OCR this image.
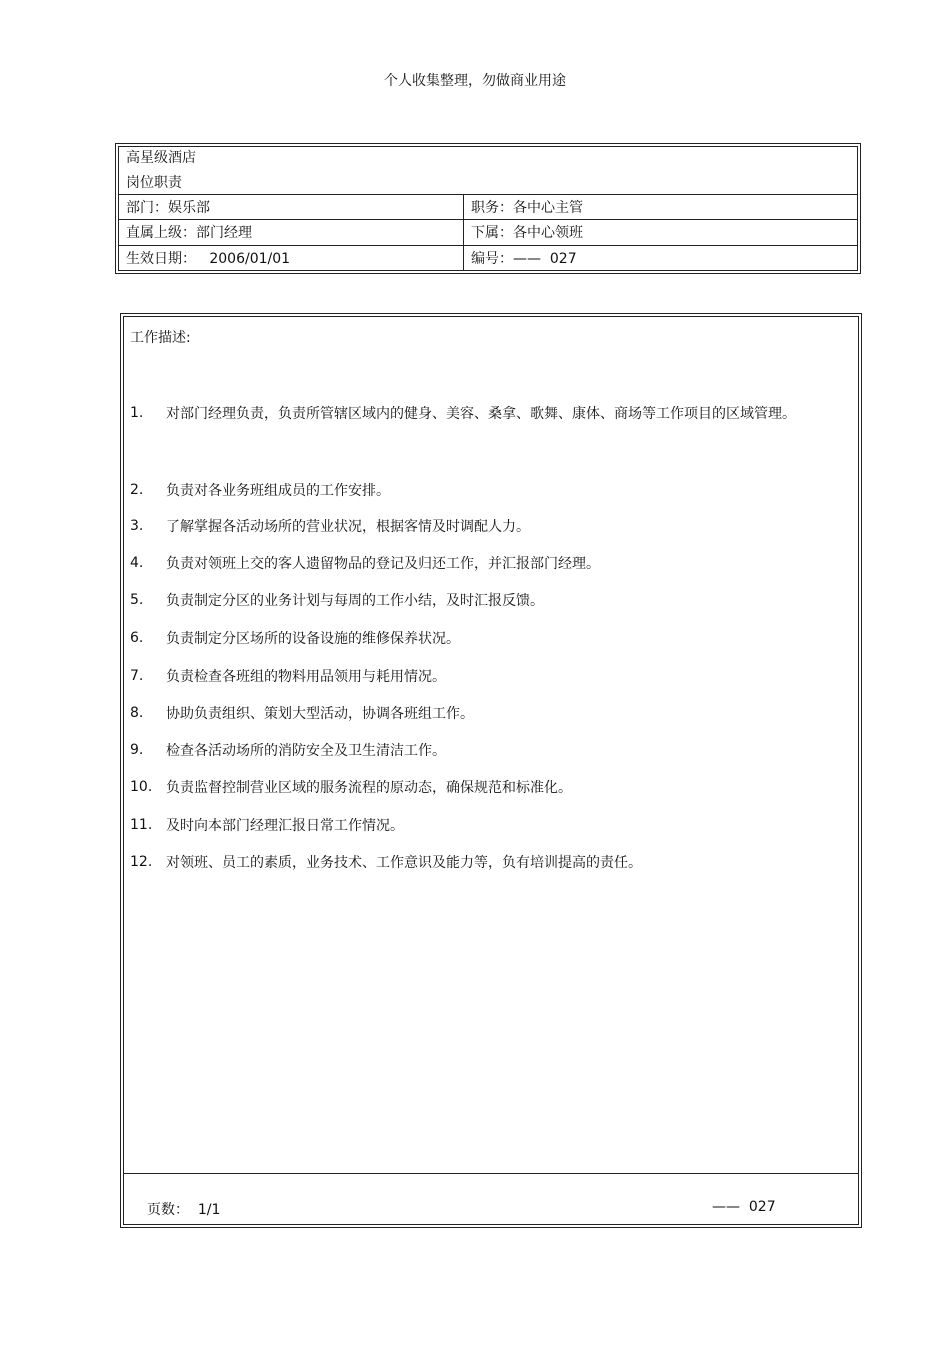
个人收集整理，勿做商业用途
高星级酒店
岗位职责
部门：娱乐部	职务：各中心主管
直属上级：部门经理	下属：各中心领班
生效日期：   2006/01/01	编号：——  027
工作描述:
1.	对部门经理负责，负责所管辖区域内的健身、美容、桑拿、歌舞、康体、商场等工作项目的区域管理。
2.	负责对各业务班组成员的工作安排。
3.	了解掌握各活动场所的营业状况，根据客情及时调配人力。
4.	负责对领班上交的客人遗留物品的登记及归还工作，并汇报部门经理。
5.	负责制定分区的业务计划与每周的工作小结，及时汇报反馈。
6.	负责制定分区场所的设备设施的维修保养状况。
7.	负责检查各班组的物料用品领用与耗用情况。
8.	协助负责组织、策划大型活动，协调各班组工作。
9.	检查各活动场所的消防安全及卫生清洁工作。
10. 负责监督控制营业区域的服务流程的原动态，确保规范和标准化。
11. 及时向本部门经理汇报日常工作情况。
12. 对领班、员工的素质，业务技术、工作意识及能力等，负有培训提高的责任。
页数：  1/1	——  027
